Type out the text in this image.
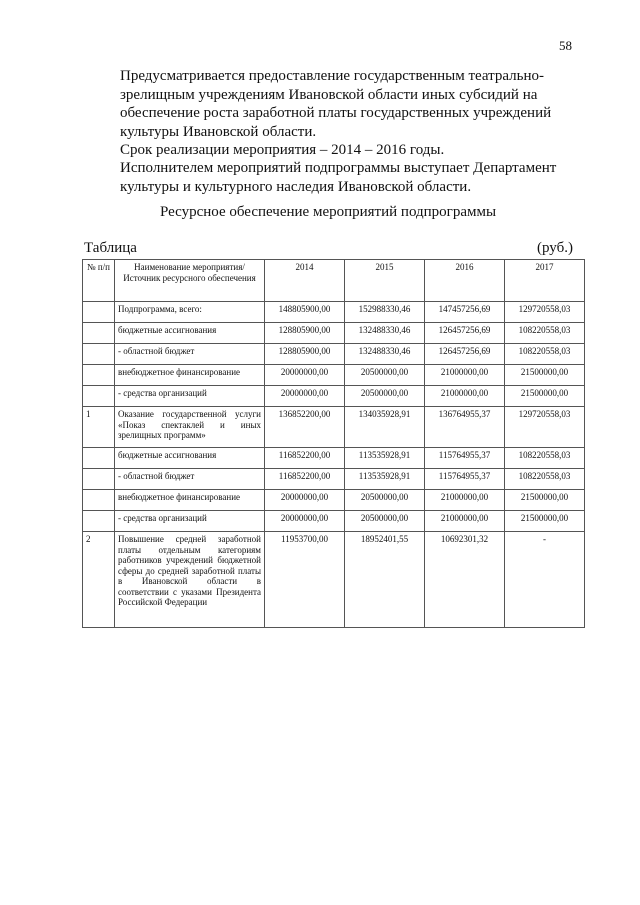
58

Предусматривается предоставление государственным театрально-
зрелищным учреждениям Ивановской области иных субсидий на
обеспечение роста заработной платы государственных учреждений
культуры Ивановской области.

Срок реализации мероприятия – 2014 – 2016 годы.

Исполнителем мероприятий подпрограммы выступает Департамент
культуры и культурного наследия Ивановской области.

Ресурсное обеспечение мероприятий подпрограммы
Таблица	(руб.)
№ п/п	Наименование мероприятия/Источник ресурсного обеспечения	2014	2015	2016	2017
	Подпрограмма, всего:	148805900,00	152988330,46	147457256,69	129720558,03
	бюджетные ассигнования	128805900,00	132488330,46	126457256,69	108220558,03
	- областной бюджет	128805900,00	132488330,46	126457256,69	108220558,03
	внебюджетное финансирование	20000000,00	20500000,00	21000000,00	21500000,00
	- средства организаций	20000000,00	20500000,00	21000000,00	21500000,00
1	Оказание государственной услуги «Показ спектаклей и иных зрелищных программ»	136852200,00	134035928,91	136764955,37	129720558,03
	бюджетные ассигнования	116852200,00	113535928,91	115764955,37	108220558,03
	- областной бюджет	116852200,00	113535928,91	115764955,37	108220558,03
	внебюджетное финансирование	20000000,00	20500000,00	21000000,00	21500000,00
	- средства организаций	20000000,00	20500000,00	21000000,00	21500000,00
2	Повышение средней заработной платы отдельным категориям работников учреждений бюджетной сферы до средней заработной платы в Ивановской области в соответствии с указами Президента Российской Федерации	11953700,00	18952401,55	10692301,32	-
